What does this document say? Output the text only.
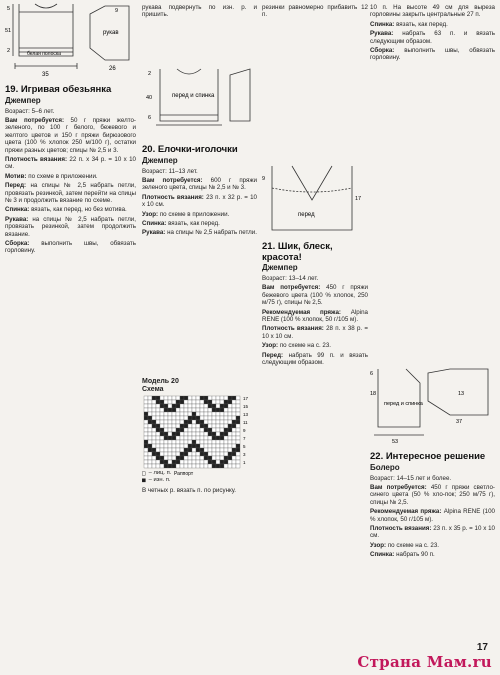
рукав
белая полоска
5
51
2
35
9
26

19. Игривая обезьянка

Джемпер

Возраст: 5–6 лет.

Вам потребуется: 50 г пряжи желто-зеленого, по 100 г белого, бежевого и желтого цветов и 150 г пряжи бирюзового цвета (100 % хлопок 250 м/100 г), остатки пряжи разных цветов; спицы № 2,5 и 3.

Плотность вязания: 22 п. x 34 р. = 10 x 10 см.

Мотив: по схеме в приложении.

Перед: на спицы № 2,5 набрать петли, провязать резинкой, затем перейти на спицы № 3 и продолжить вязание по схеме.

Спинка: вязать, как перед, но без мотива.

Рукава: на спицы № 2,5 набрать петли, провязать резинкой, затем продолжить вязание.

Сборка: выполнить швы, обвязать горловину.

рукава подвернуть по изн. р. и пришить.

перед и спинка
2
40
6

20. Елочки-иголочки

Джемпер

Возраст: 11–13 лет.

Вам потребуется: 600 г пряжи зеленого цвета, спицы № 2,5 и № 3.

Плотность вязания: 23 п. x 32 р. = 10 x 10 см.

Узор: по схеме в приложении.

Спинка: вязать, как перед.

Рукава: на спицы № 2,5 набрать петли.

Модель 20
Схема
17
15
13
11
9
7
5
3
1
Раппорт
□ – лиц. п.
■ – изн. п.

В четных р. вязать п. по рисунку.

резинки равномерно прибавить 12 п.

перед
9
17

21. Шик, блеск, красота!

Джемпер

Возраст: 13–14 лет.

Вам потребуется: 450 г пряжи бежевого цвета (100 % хлопок, 250 м/75 г), спицы № 2,5.

Рекомендуемая пряжа: Alpina RENE (100 % хлопок, 50 г/105 м).

Плотность вязания: 28 п. x 38 р. = 10 x 10 см.

Узор: по схеме на с. 23.

Перед: набрать 99 п. и вязать следующим образом.

10 п. На высоте 49 см для выреза горловины закрыть центральные 27 п.

Спинка: вязать, как перед.

Рукава: набрать 63 п. и вязать следующим образом.

Сборка: выполнить швы, обвязать горловину.

перед и спинка
6
18
53
13
37

22. Интересное решение

Болеро

Возраст: 14–15 лет и более.

Вам потребуется: 450 г пряжи светло-синего цвета (50 % хло-пок; 250 м/75 г), спицы № 2,5.

Рекомендуемая пряжа: Alpina RENE (100 % хлопок, 50 г/105 м).

Плотность вязания: 23 п. x 35 р. = 10 x 10 см.

Узор: по схеме на с. 23.

Спинка: набрать 90 п.

17
Страна Мам.ru
